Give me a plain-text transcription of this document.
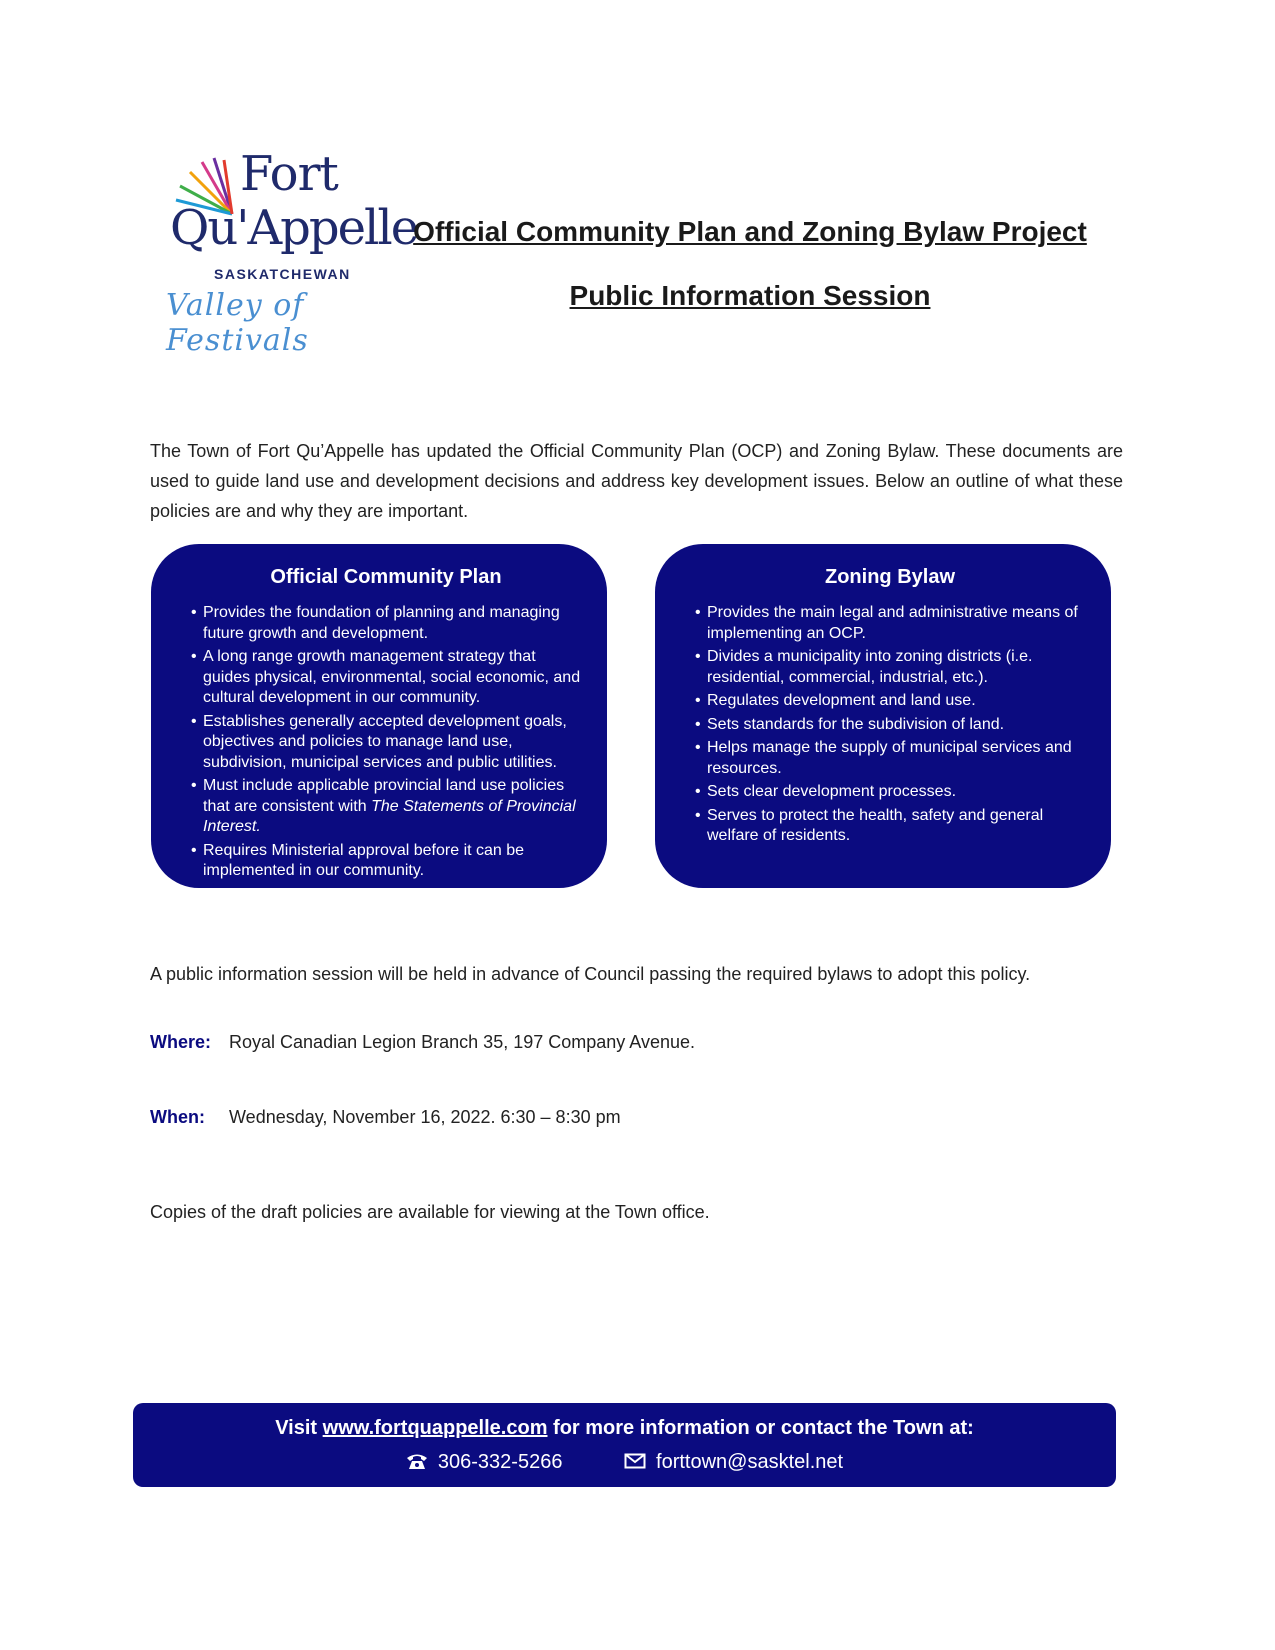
Fort
Qu'Appelle
SASKATCHEWAN
Valley of Festivals
Official Community Plan and Zoning Bylaw Project
Public Information Session
The Town of Fort Qu’Appelle has updated the Official Community Plan (OCP) and Zoning Bylaw. These documents are used to guide land use and development decisions and address key development issues. Below an outline of what these policies are and why they are important.
Official Community Plan
• Provides the foundation of planning and managing future growth and development.
• A long range growth management strategy that guides physical, environmental, social economic, and cultural development in our community.
• Establishes generally accepted development goals, objectives and policies to manage land use, subdivision, municipal services and public utilities.
• Must include applicable provincial land use policies that are consistent with The Statements of Provincial Interest.
• Requires Ministerial approval before it can be implemented in our community.
Zoning Bylaw
• Provides the main legal and administrative means of implementing an OCP.
• Divides a municipality into zoning districts (i.e. residential, commercial, industrial, etc.).
• Regulates development and land use.
• Sets standards for the subdivision of land.
• Helps manage the supply of municipal services and resources.
• Sets clear development processes.
• Serves to protect the health, safety and general welfare of residents.
A public information session will be held in advance of Council passing the required bylaws to adopt this policy.
Where: Royal Canadian Legion Branch 35, 197 Company Avenue.
When: Wednesday, November 16, 2022. 6:30 – 8:30 pm
Copies of the draft policies are available for viewing at the Town office.
Visit www.fortquappelle.com for more information or contact the Town at:
306-332-5266	forttown@sasktel.net
